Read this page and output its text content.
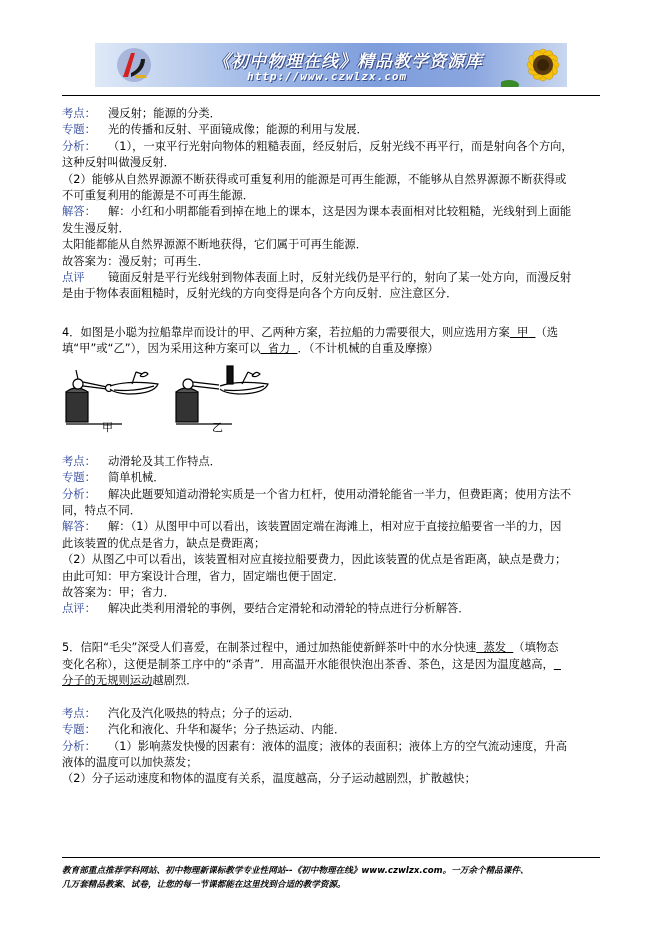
《初中物理在线》精品教学资源库
http://www.czwlzx.com
考点： 漫反射；能源的分类．
专题： 光的传播和反射、平面镜成像；能源的利用与发展．
分析： （1），一束平行光射向物体的粗糙表面，经反射后，反射光线不再平行，而是射向各个方向，
这种反射叫做漫反射．
（2）能够从自然界源源不断获得或可重复利用的能源是可再生能源，不能够从自然界源源不断获得或
不可重复利用的能源是不可再生能源．
解答： 解：小红和小明都能看到掉在地上的课本，这是因为课本表面相对比较粗糙，光线射到上面能
发生漫反射．
太阳能都能从自然界源源不断地获得，它们属于可再生能源．
故答案为：漫反射；可再生．
点评 镜面反射是平行光线射到物体表面上时，反射光线仍是平行的，射向了某一处方向，而漫反射
是由于物体表面粗糙时，反射光线的方向变得是向各个方向反射．应注意区分．
4．如图是小聪为拉船靠岸而设计的甲、乙两种方案，若拉船的力需要很大，则应选用方案 甲 （选
填“甲”或“乙”），因为采用这种方案可以 省力 ．（不计机械的自重及摩擦）
甲	乙
考点： 动滑轮及其工作特点．
专题： 简单机械．
分析： 解决此题要知道动滑轮实质是一个省力杠杆，使用动滑轮能省一半力，但费距离；使用方法不
同，特点不同．
解答： 解：（1）从图甲中可以看出，该装置固定端在海滩上，相对应于直接拉船要省一半的力，因
此该装置的优点是省力，缺点是费距离；
（2）从图乙中可以看出，该装置相对应直接拉船要费力，因此该装置的优点是省距离，缺点是费力；
由此可知：甲方案设计合理，省力，固定端也便于固定．
故答案为：甲；省力．
点评： 解决此类利用滑轮的事例，要结合定滑轮和动滑轮的特点进行分析解答．
5．信阳“毛尖”深受人们喜爱，在制茶过程中，通过加热能使新鲜茶叶中的水分快速 蒸发 （填物态
变化名称），这便是制茶工序中的“杀青”．用高温开水能很快泡出茶香、茶色，这是因为温度越高，
分子的无规则运动越剧烈．
考点： 汽化及汽化吸热的特点；分子的运动．
专题： 汽化和液化、升华和凝华；分子热运动、内能．
分析： （1）影响蒸发快慢的因素有：液体的温度；液体的表面积；液体上方的空气流动速度，升高
液体的温度可以加快蒸发；
（2）分子运动速度和物体的温度有关系，温度越高，分子运动越剧烈，扩散越快；
教育部重点推荐学科网站、初中物理新课标教学专业性网站--《初中物理在线》www.czwlzx.com。一万余个精品课件、
几万套精品教案、试卷，让您的每一节课都能在这里找到合适的教学资源。
